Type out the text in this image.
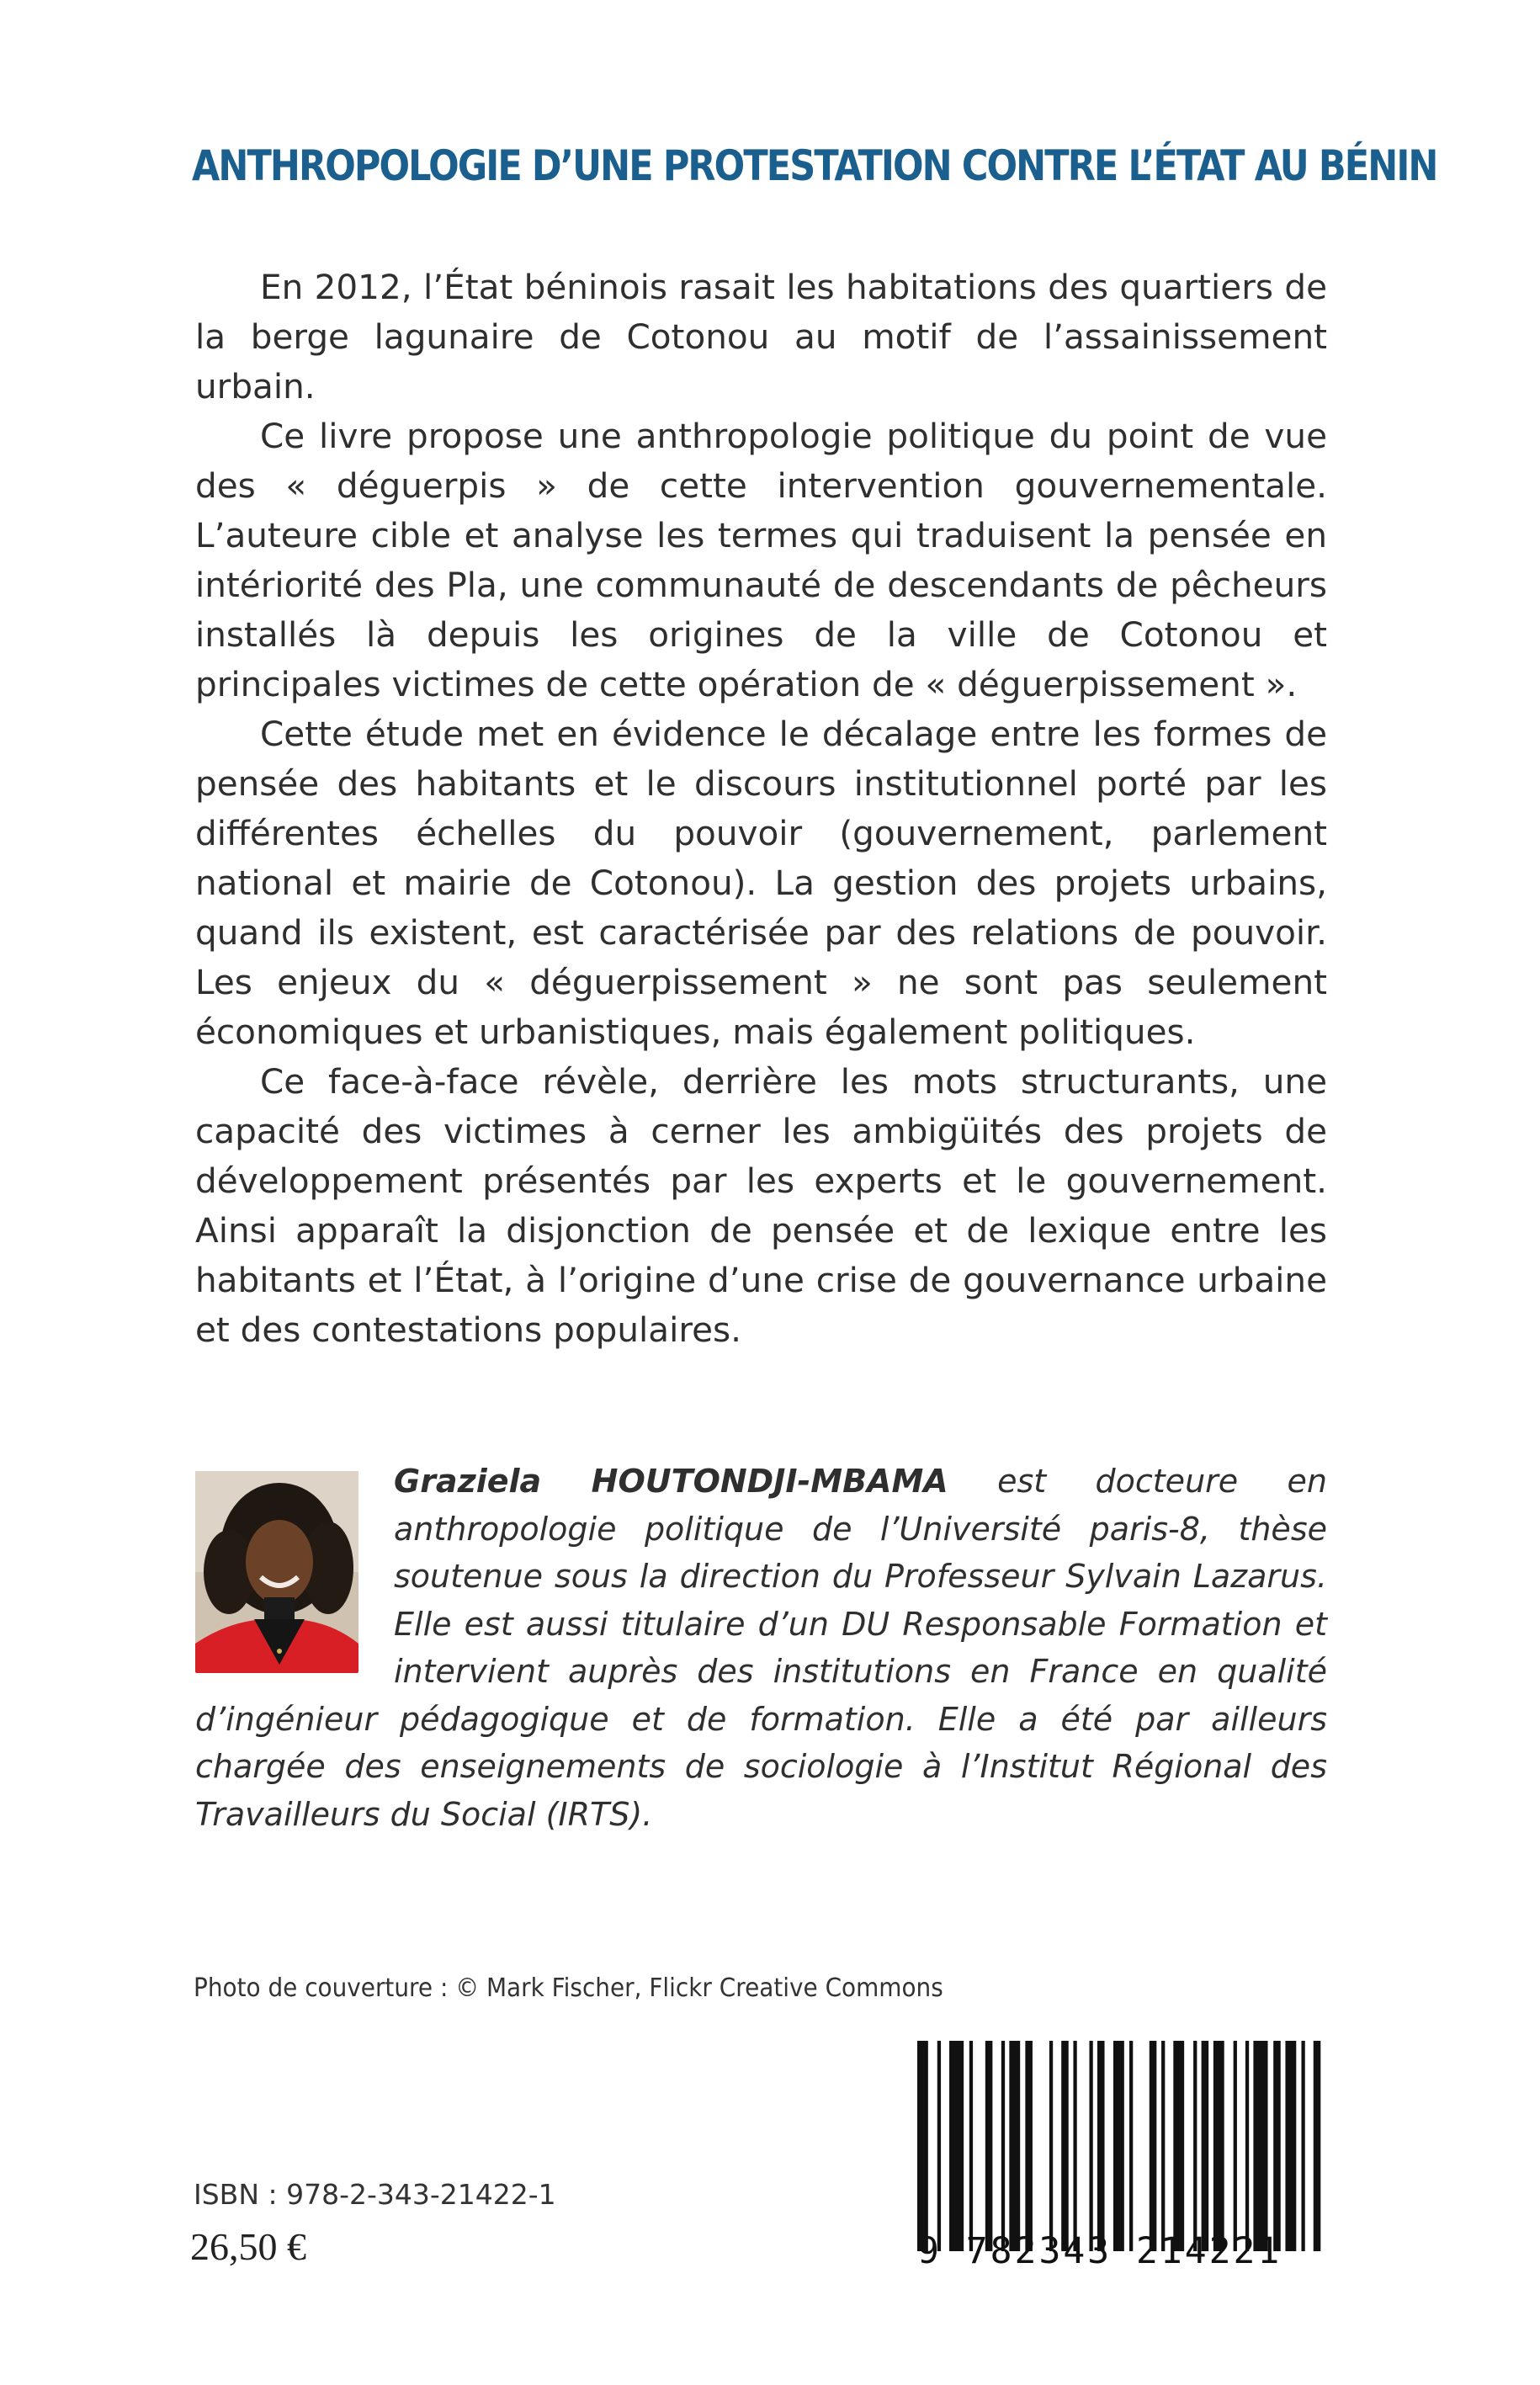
ANTHROPOLOGIE D’UNE PROTESTATION CONTRE L’ÉTAT AU BÉNIN

En 2012, l’État béninois rasait les habitations des quartiers de la berge lagunaire de Cotonou au motif de l’assainissement urbain.

Ce livre propose une anthropologie politique du point de vue des « déguerpis » de cette intervention gouvernementale. L’auteure cible et analyse les termes qui traduisent la pensée en intériorité des Pla, une communauté de descendants de pêcheurs installés là depuis les origines de la ville de Cotonou et principales victimes de cette opération de « déguerpissement ».

Cette étude met en évidence le décalage entre les formes de pensée des habitants et le discours institutionnel porté par les différentes échelles du pouvoir (gouvernement, parlement national et mairie de Cotonou). La gestion des projets urbains, quand ils existent, est caractérisée par des relations de pouvoir. Les enjeux du « déguerpissement » ne sont pas seulement économiques et urbanistiques, mais également politiques.

Ce face-à-face révèle, derrière les mots structurants, une capacité des victimes à cerner les ambigüités des projets de développement présentés par les experts et le gouvernement. Ainsi apparaît la disjonction de pensée et de lexique entre les habitants et l’État, à l’origine d’une crise de gouvernance urbaine et des contestations populaires.

Graziela HOUTONDJI-MBAMA est docteure en anthropologie politique de l’Université paris-8, thèse soutenue sous la direction du Professeur Sylvain Lazarus. Elle est aussi titulaire d’un DU Responsable Formation et intervient auprès des institutions en France en qualité d’ingénieur pédagogique et de formation. Elle a été par ailleurs chargée des enseignements de sociologie à l’Institut Régional des Travailleurs du Social (IRTS).
Photo de couverture : © Mark Fischer, Flickr Creative Commons
ISBN : 978-2-343-21422-1
26,50 €	9 782343 214221
